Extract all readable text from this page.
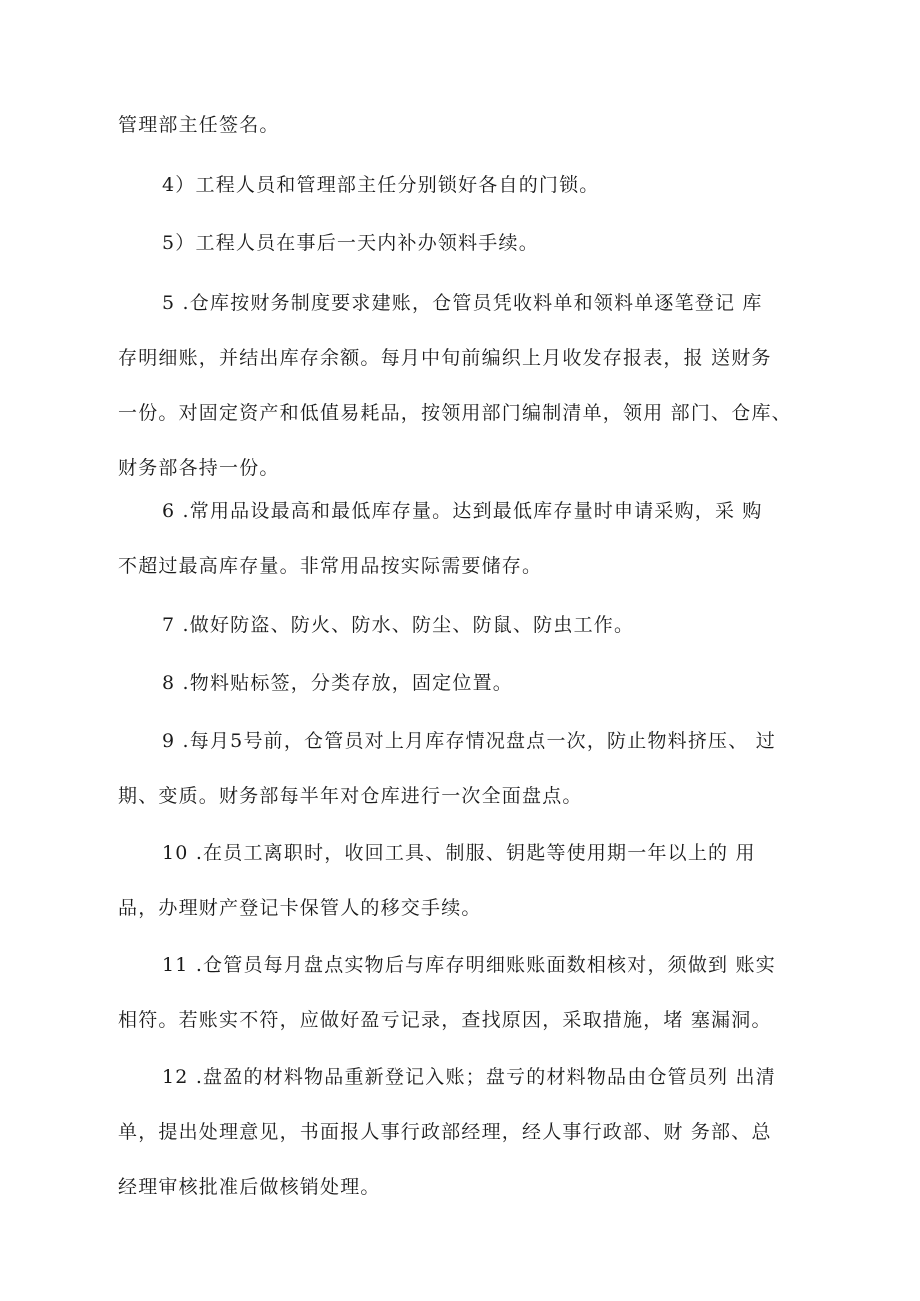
管理部主任签名。
4）工程人员和管理部主任分别锁好各自的门锁。
5）工程人员在事后一天内补办领料手续。
5 .仓库按财务制度要求建账，仓管员凭收料单和领料单逐笔登记 库
存明细账，并结出库存余额。每月中旬前编织上月收发存报表，报 送财务
一份。对固定资产和低值易耗品，按领用部门编制清单，领用 部门、仓库、
财务部各持一份。
6 .常用品设最高和最低库存量。达到最低库存量时申请采购，采 购
不超过最高库存量。非常用品按实际需要储存。
7 .做好防盗、防火、防水、防尘、防鼠、防虫工作。
8 .物料贴标签，分类存放，固定位置。
9 .每月5号前，仓管员对上月库存情况盘点一次，防止物料挤压、 过
期、变质。财务部每半年对仓库进行一次全面盘点。
10 .在员工离职时，收回工具、制服、钥匙等使用期一年以上的 用
品，办理财产登记卡保管人的移交手续。
11 .仓管员每月盘点实物后与库存明细账账面数相核对，须做到 账实
相符。若账实不符，应做好盈亏记录，查找原因，采取措施，堵 塞漏洞。
12 .盘盈的材料物品重新登记入账；盘亏的材料物品由仓管员列 出清
单，提出处理意见，书面报人事行政部经理，经人事行政部、财 务部、总
经理审核批准后做核销处理。
